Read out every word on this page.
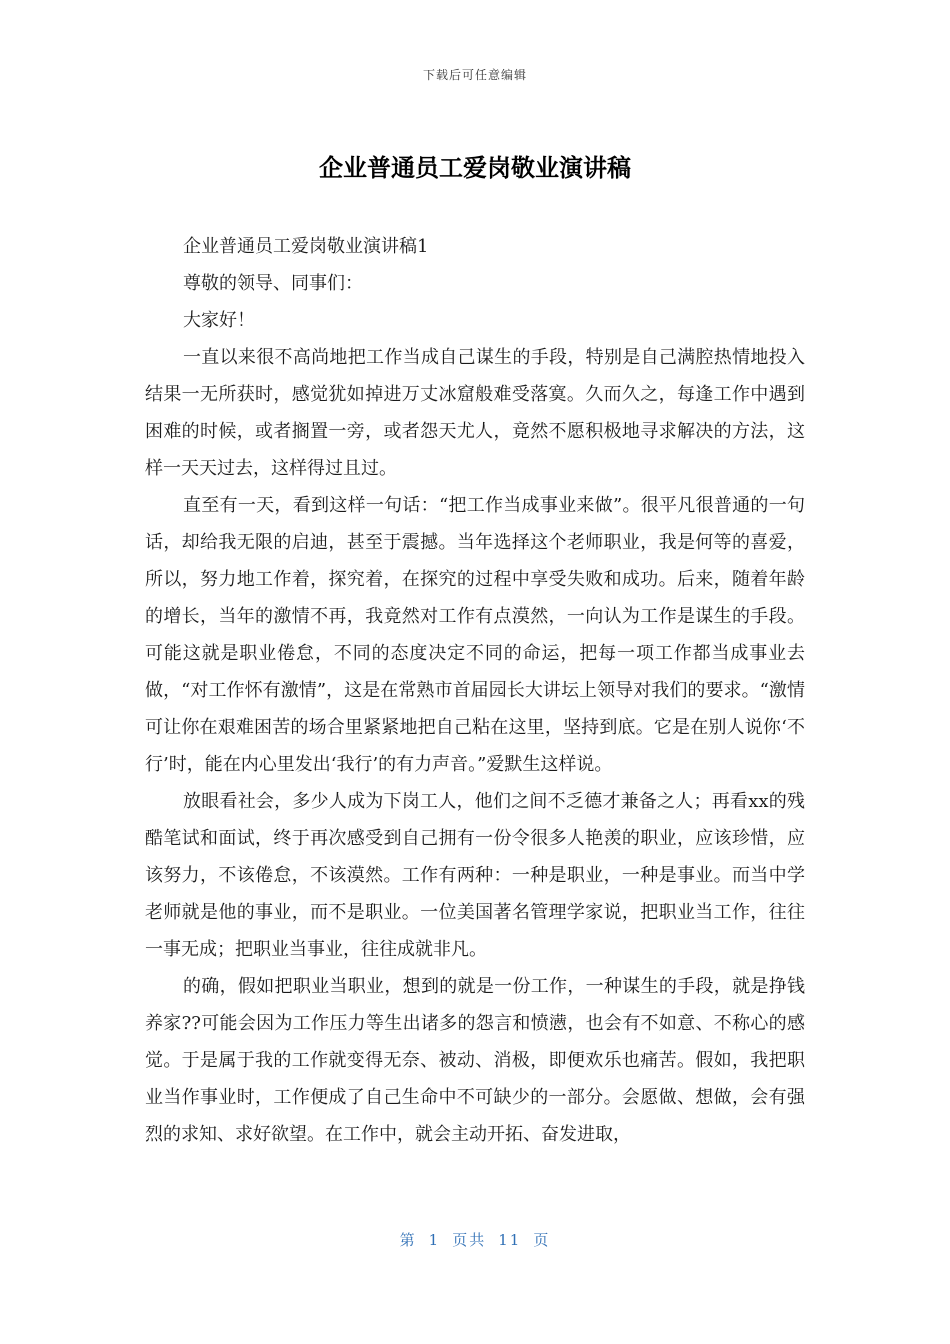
下载后可任意编辑
企业普通员工爱岗敬业演讲稿

企业普通员工爱岗敬业演讲稿1

尊敬的领导、同事们：

大家好！

一直以来很不高尚地把工作当成自己谋生的手段，特别是自己满腔热情地投入结果一无所获时，感觉犹如掉进万丈冰窟般难受落寞。久而久之，每逢工作中遇到困难的时候，或者搁置一旁，或者怨天尤人，竟然不愿积极地寻求解决的方法，这样一天天过去，这样得过且过。

直至有一天，看到这样一句话：“把工作当成事业来做”。很平凡很普通的一句话，却给我无限的启迪，甚至于震撼。当年选择这个老师职业，我是何等的喜爱，所以，努力地工作着，探究着，在探究的过程中享受失败和成功。后来，随着年龄的增长，当年的激情不再，我竟然对工作有点漠然，一向认为工作是谋生的手段。可能这就是职业倦怠，不同的态度决定不同的命运，把每一项工作都当成事业去做，“对工作怀有激情”，这是在常熟市首届园长大讲坛上领导对我们的要求。“激情可让你在艰难困苦的场合里紧紧地把自己粘在这里，坚持到底。它是在别人说你‘不行’时，能在内心里发出‘我行’的有力声音。”爱默生这样说。

放眼看社会，多少人成为下岗工人，他们之间不乏德才兼备之人；再看xx的残酷笔试和面试，终于再次感受到自己拥有一份令很多人艳羡的职业，应该珍惜，应该努力，不该倦怠，不该漠然。工作有两种：一种是职业，一种是事业。而当中学老师就是他的事业，而不是职业。一位美国著名管理学家说，把职业当工作，往往一事无成；把职业当事业，往往成就非凡。

的确，假如把职业当职业，想到的就是一份工作，一种谋生的手段，就是挣钱养家??可能会因为工作压力等生出诸多的怨言和愤懑，也会有不如意、不称心的感觉。于是属于我的工作就变得无奈、被动、消极，即便欢乐也痛苦。假如，我把职业当作事业时，工作便成了自己生命中不可缺少的一部分。会愿做、想做，会有强烈的求知、求好欲望。在工作中，就会主动开拓、奋发进取，

第 1 页共 11 页
